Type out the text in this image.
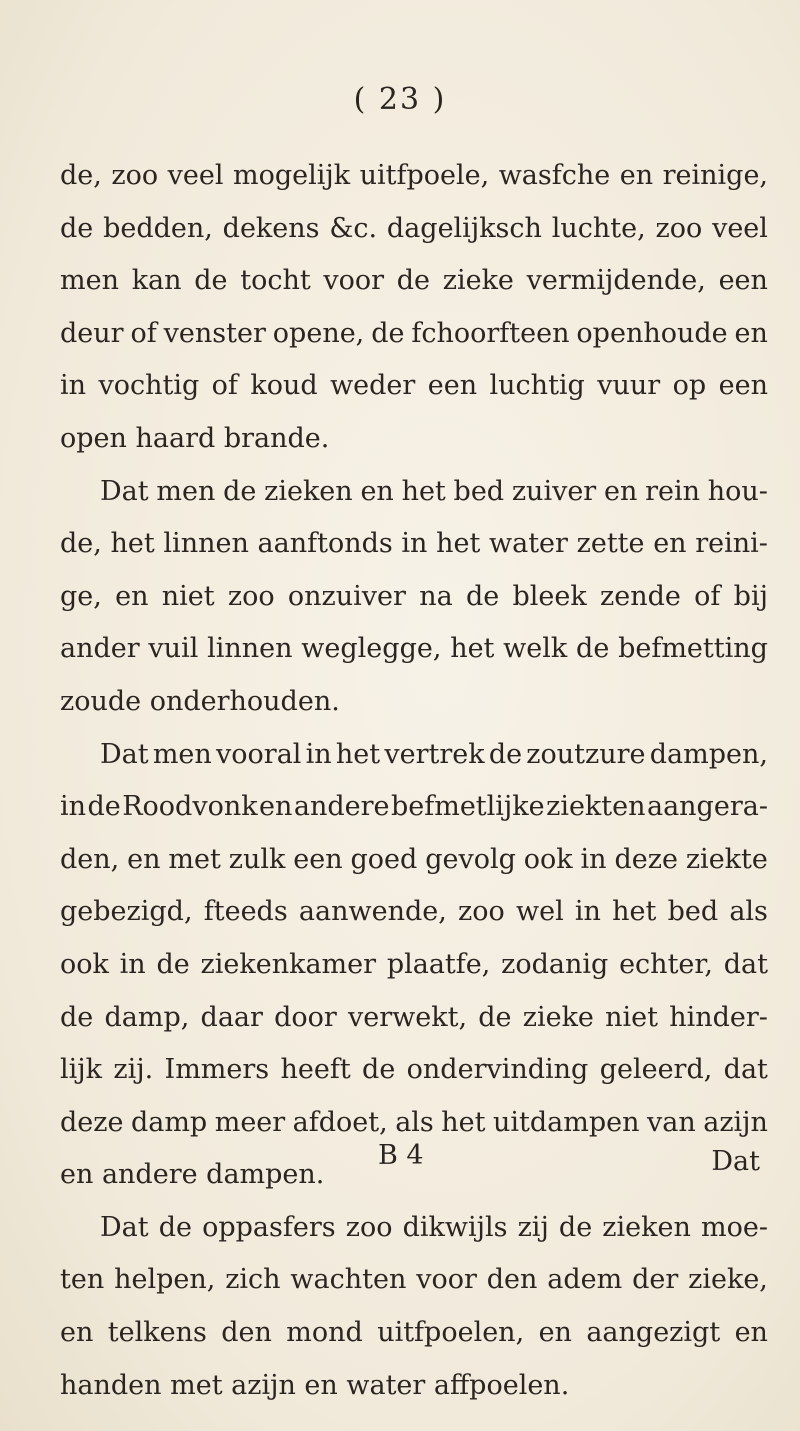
( 23 )
de, zoo veel mogelijk uitfpoele, wasfche en reinige,
de bedden, dekens &c. dagelijksch luchte, zoo veel
men kan de tocht voor de zieke vermijdende, een
deur of venster opene, de fchoorfteen openhoude en
in vochtig of koud weder een luchtig vuur op een
open haard brande.
Dat men de zieken en het bed zuiver en rein hou-
de, het linnen aanftonds in het water zette en reini-
ge, en niet zoo onzuiver na de bleek zende of bij
ander vuil linnen weglegge, het welk de befmetting
zoude onderhouden.
Dat men vooral in het vertrek de zoutzure dampen,
in de Roodvonk en andere befmetlijke ziekten aangera-
den, en met zulk een goed gevolg ook in deze ziekte
gebezigd, fteeds aanwende, zoo wel in het bed als
ook in de ziekenkamer plaatfe, zodanig echter, dat
de damp, daar door verwekt, de zieke niet hinder-
lijk zij. Immers heeft de ondervinding geleerd, dat
deze damp meer afdoet, als het uitdampen van azijn
en andere dampen.
Dat de oppasfers zoo dikwijls zij de zieken moe-
ten helpen, zich wachten voor den adem der zieke,
en telkens den mond uitfpoelen, en aangezigt en
handen met azijn en water affpoelen.
B 4	Dat
